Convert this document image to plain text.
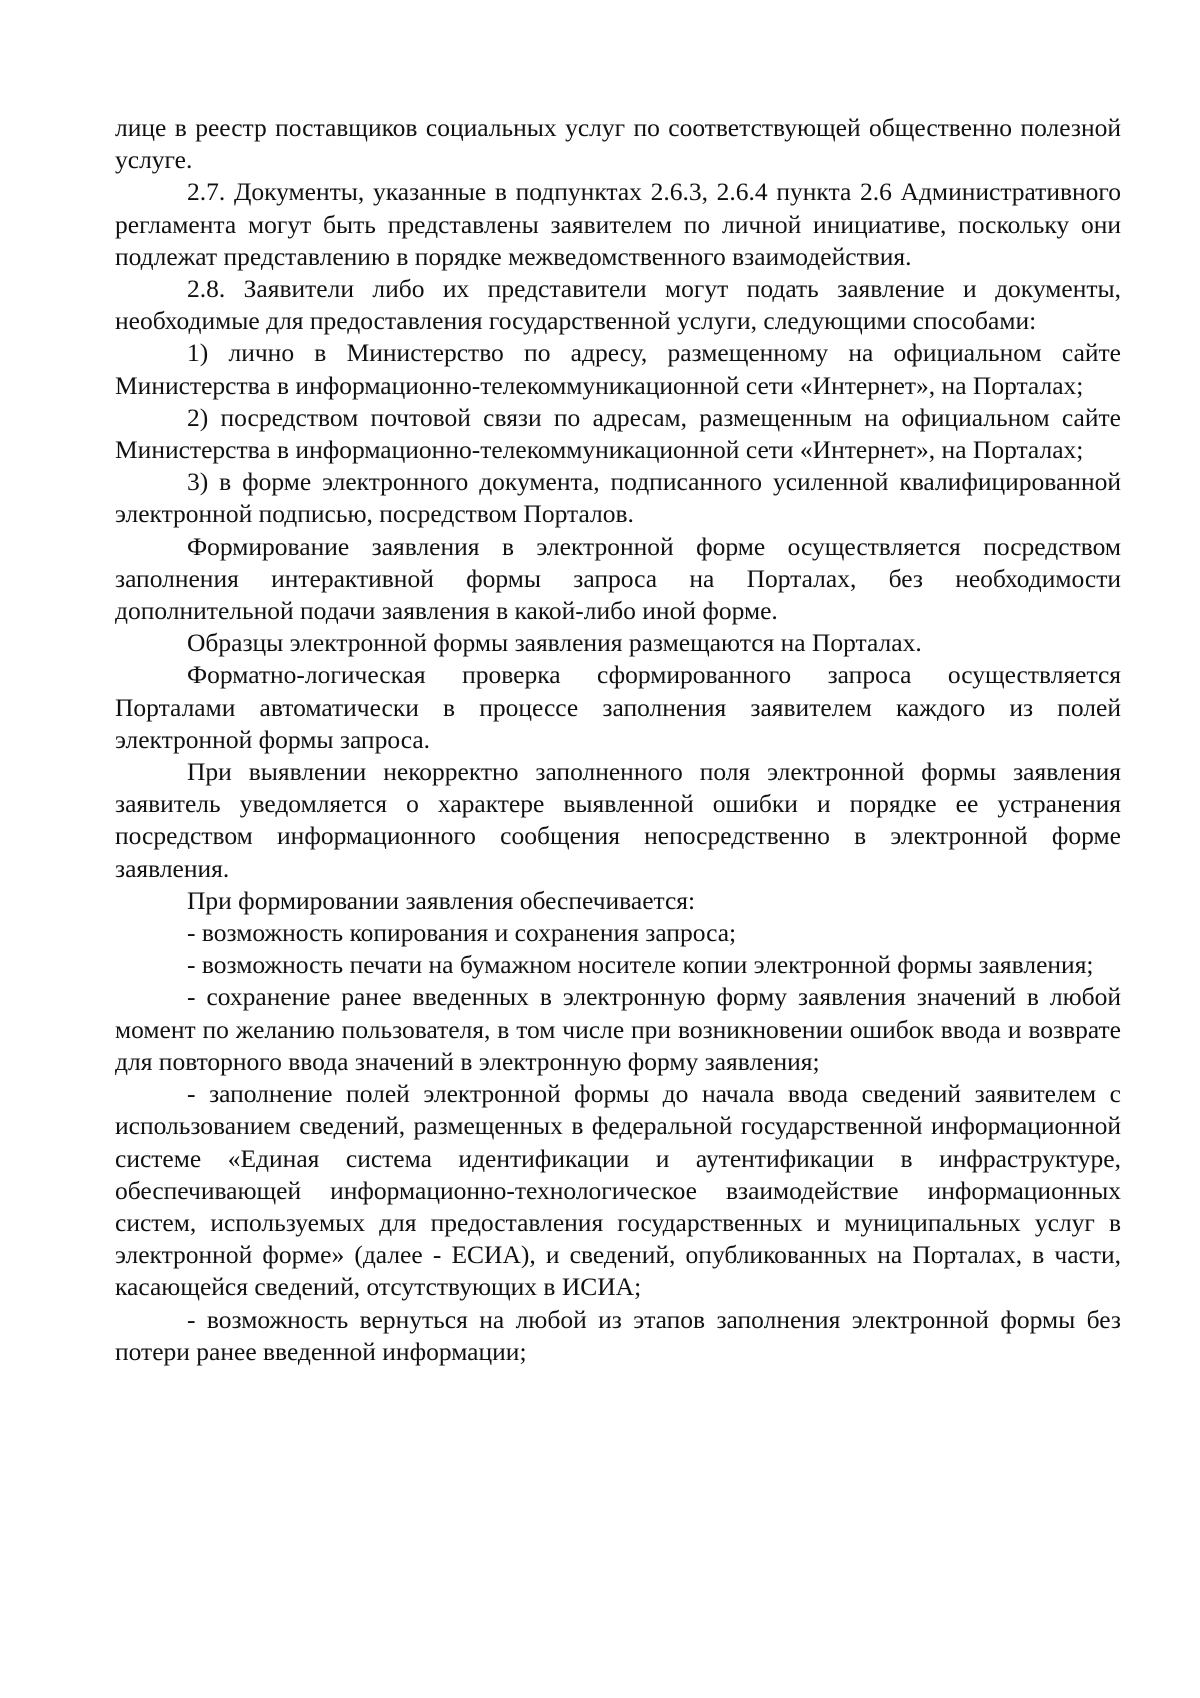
лице в реестр поставщиков социальных услуг по соответствующей общественно полезной услуге.

2.7. Документы, указанные в подпунктах 2.6.3, 2.6.4 пункта 2.6 Административного регламента могут быть представлены заявителем по личной инициативе, поскольку они подлежат представлению в порядке межведомственного взаимодействия.

2.8. Заявители либо их представители могут подать заявление и документы, необходимые для предоставления государственной услуги, следующими способами:

1) лично в Министерство по адресу, размещенному на официальном сайте Министерства в информационно-телекоммуникационной сети «Интернет», на Порталах;

2) посредством почтовой связи по адресам, размещенным на официальном сайте Министерства в информационно-телекоммуникационной сети «Интернет», на Порталах;

3) в форме электронного документа, подписанного усиленной квалифицированной электронной подписью, посредством Порталов.

Формирование заявления в электронной форме осуществляется посредством заполнения интерактивной формы запроса на Порталах, без необходимости дополнительной подачи заявления в какой-либо иной форме.

Образцы электронной формы заявления размещаются на Порталах.

Форматно-логическая проверка сформированного запроса осуществляется Порталами автоматически в процессе заполнения заявителем каждого из полей электронной формы запроса.

При выявлении некорректно заполненного поля электронной формы заявления заявитель уведомляется о характере выявленной ошибки и порядке ее устранения посредством информационного сообщения непосредственно в электронной форме заявления.

При формировании заявления обеспечивается:

- возможность копирования и сохранения запроса;

- возможность печати на бумажном носителе копии электронной формы заявления;

- сохранение ранее введенных в электронную форму заявления значений в любой момент по желанию пользователя, в том числе при возникновении ошибок ввода и возврате для повторного ввода значений в электронную форму заявления;

- заполнение полей электронной формы до начала ввода сведений заявителем с использованием сведений, размещенных в федеральной государственной информационной системе «Единая система идентификации и аутентификации в инфраструктуре, обеспечивающей информационно-технологическое взаимодействие информационных систем, используемых для предоставления государственных и муниципальных услуг в электронной форме» (далее - ЕСИА), и сведений, опубликованных на Порталах, в части, касающейся сведений, отсутствующих в ИСИА;

- возможность вернуться на любой из этапов заполнения электронной формы без потери ранее введенной информации;
